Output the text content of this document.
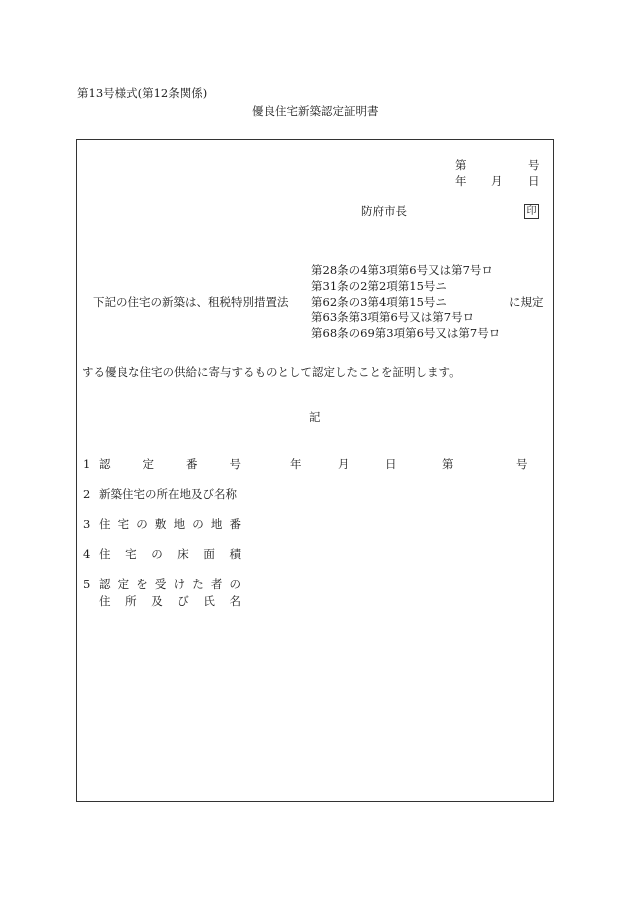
第13号様式(第12条関係)
優良住宅新築認定証明書
第	号
年 月 日
防府市長	印
下記の住宅の新築は、租税特別措置法
第28条の4第3項第6号又は第7号ロ
第31条の2第2項第15号ニ
第62条の3第4項第15号ニ
第63条第3項第6号又は第7号ロ
第68条の69第3項第6号又は第7号ロ
に規定
する優良な住宅の供給に寄与するものとして認定したことを証明します。
記
1 認	定	番	号	年	月	日	第	号
2 新築住宅の所在地及び名称
3 住 宅 の 敷 地 の 地 番
4 住 宅 の 床 面 積
5 認 定 を 受 け た 者 の
住 所 及 び 氏 名
